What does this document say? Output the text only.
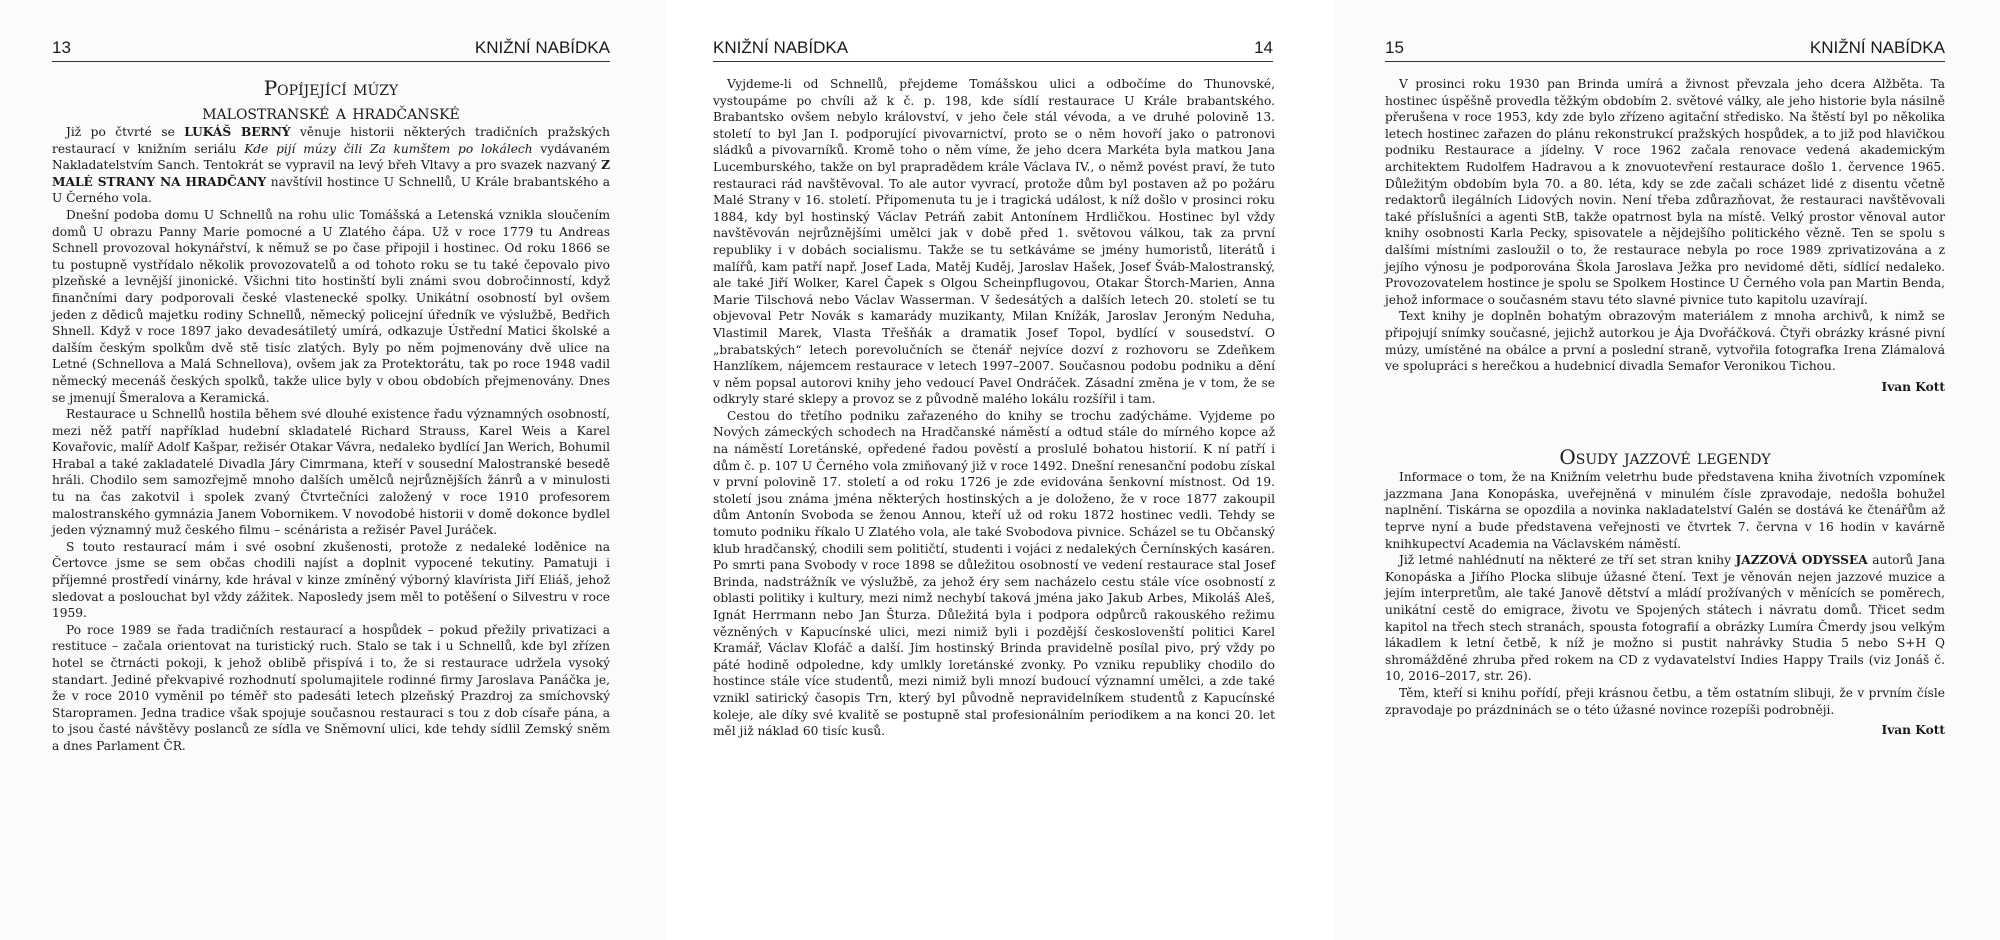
13	KNIŽNÍ NABÍDKA

Popíjející múzy

malostranské a hradčanské

Již po čtvrté se LUKÁŠ BERNÝ věnuje historii některých tradičních pražských restaurací v knižním seriálu Kde pijí múzy čili Za kumštem po lokálech vydávaném Nakladatelstvím Sanch. Tentokrát se vypravil na levý břeh Vltavy a pro svazek nazvaný Z MALÉ STRANY NA HRADČANY navštívil hostince U Schnellů, U Krále brabantského a U Černého vola.

Dnešní podoba domu U Schnellů na rohu ulic Tomášská a Letenská vznikla sloučením domů U obrazu Panny Marie pomocné a U Zlatého čápa. Už v roce 1779 tu Andreas Schnell provozoval hokynářství, k němuž se po čase připojil i hostinec. Od roku 1866 se tu postupně vystřídalo několik provozovatelů a od tohoto roku se tu také čepovalo pivo plzeňské a levnější jinonické. Všichni tito hostinští byli známi svou dobročinností, když finančními dary podporovali české vlastenecké spolky. Unikátní osobností byl ovšem jeden z dědiců majetku rodiny Schnellů, německý policejní úředník ve výslužbě, Bedřich Shnell. Když v roce 1897 jako devadesátiletý umírá, odkazuje Ústřední Matici školské a dalším českým spolkům dvě stě tisíc zlatých. Byly po něm pojmenovány dvě ulice na Letné (Schnellova a Malá Schnellova), ovšem jak za Protektorátu, tak po roce 1948 vadil německý mecenáš českých spolků, takže ulice byly v obou obdobích přejmenovány. Dnes se jmenují Šmeralova a Keramická.

Restaurace u Schnellů hostila během své dlouhé existence řadu významných osobností, mezi něž patří například hudební skladatelé Richard Strauss, Karel Weis a Karel Kovařovic, malíř Adolf Kašpar, režisér Otakar Vávra, nedaleko bydlící Jan Werich, Bohumil Hrabal a také zakladatelé Divadla Járy Cimrmana, kteří v sousední Malostranské besedě hráli. Chodilo sem samozřejmě mnoho dalších umělců nejrůznějších žánrů a v minulosti tu na čas zakotvil i spolek zvaný Čtvrtečníci založený v roce 1910 profesorem malostranského gymnázia Janem Vobornikem. V novodobé historii v domě dokonce bydlel jeden významný muž českého filmu – scénárista a režisér Pavel Juráček.

S touto restaurací mám i své osobní zkušenosti, protože z nedaleké loděnice na Čertovce jsme se sem občas chodili najíst a doplnit vypocené tekutiny. Pamatuji i příjemné prostředí vinárny, kde hrával v kinze zmíněný výborný klavírista Jiří Eliáš, jehož sledovat a poslouchat byl vždy zážitek. Naposledy jsem měl to potěšení o Silvestru v roce 1959.

Po roce 1989 se řada tradičních restaurací a hospůdek – pokud přežily privatizaci a restituce – začala orientovat na turistický ruch. Stalo se tak i u Schnellů, kde byl zřízen hotel se čtrnácti pokoji, k jehož oblibě přispívá i to, že si restaurace udržela vysoký standart. Jediné překvapivé rozhodnutí spolumajitele rodinné firmy Jaroslava Panáčka je, že v roce 2010 vyměnil po téměř sto padesáti letech plzeňský Prazdroj za smíchovský Staropramen. Jedna tradice však spojuje současnou restauraci s tou z dob císaře pána, a to jsou časté návštěvy poslanců ze sídla ve Sněmovní ulici, kde tehdy sídlil Zemský sněm a dnes Parlament ČR.

KNIŽNÍ NABÍDKA	14

Vyjdeme-li od Schnellů, přejdeme Tomášskou ulici a odbočíme do Thunovské, vystoupáme po chvíli až k č. p. 198, kde sídlí restaurace U Krále brabantského. Brabantsko ovšem nebylo království, v jeho čele stál vévoda, a ve druhé polovině 13. století to byl Jan I. podporující pivovarnictví, proto se o něm hovoří jako o patronovi sládků a pivovarníků. Kromě toho o něm víme, že jeho dcera Markéta byla matkou Jana Lucemburského, takže on byl prapradědem krále Václava IV., o němž povést praví, že tuto restauraci rád navštěvoval. To ale autor vyvrací, protože dům byl postaven až po požáru Malé Strany v 16. století. Připomenuta tu je i tragická událost, k níž došlo v prosinci roku 1884, kdy byl hostinský Václav Petráň zabit Antonínem Hrdličkou. Hostinec byl vždy navštěvován nejrůznějšími umělci jak v době před 1. světovou válkou, tak za první republiky i v dobách socialismu. Takže se tu setkáváme se jmény humoristů, literátů i malířů, kam patří např. Josef Lada, Matěj Kuděj, Jaroslav Hašek, Josef Šváb-Malostranský, ale také Jiří Wolker, Karel Čapek s Olgou Scheinpflugovou, Otakar Štorch-Marien, Anna Marie Tilschová nebo Václav Wasserman. V šedesátých a dalších letech 20. století se tu objevoval Petr Novák s kamarády muzikanty, Milan Knížák, Jaroslav Jeroným Neduha, Vlastimil Marek, Vlasta Třešňák a dramatik Josef Topol, bydlící v sousedství. O „brabatských“ letech porevolučních se čtenář nejvíce dozví z rozhovoru se Zdeňkem Hanzlíkem, nájemcem restaurace v letech 1997–2007. Současnou podobu podniku a dění v něm popsal autorovi knihy jeho vedoucí Pavel Ondráček. Zásadní změna je v tom, že se odkryly staré sklepy a provoz se z původně malého lokálu rozšířil i tam.

Cestou do třetího podniku zařazeného do knihy se trochu zadýcháme. Vyjdeme po Nových zámeckých schodech na Hradčanské náměstí a odtud stále do mírného kopce až na náměstí Loretánské, opředené řadou pověstí a proslulé bohatou historií. K ní patří i dům č. p. 107 U Černého vola zmiňovaný již v roce 1492. Dnešní renesanční podobu získal v první polovině 17. století a od roku 1726 je zde evidována šenkovní místnost. Od 19. století jsou známa jména některých hostinských a je doloženo, že v roce 1877 zakoupil dům Antonín Svoboda se ženou Annou, kteří už od roku 1872 hostinec vedli. Tehdy se tomuto podniku říkalo U Zlatého vola, ale také Svobodova pivnice. Scházel se tu Občanský klub hradčanský, chodili sem političtí, studenti i vojáci z nedalekých Černínských kasáren. Po smrti pana Svobody v roce 1898 se důležitou osobností ve vedení restaurace stal Josef Brinda, nadstrážník ve výslužbě, za jehož éry sem nacházelo cestu stále více osobností z oblasti politiky i kultury, mezi nimž nechybí taková jména jako Jakub Arbes, Mikoláš Aleš, Ignát Herrmann nebo Jan Šturza. Důležitá byla i podpora odpůrců rakouského režimu vězněných v Kapucínské ulici, mezi nimiž byli i pozdější českoslovenští politici Karel Kramář, Václav Klofáč a další. Jim hostinský Brinda pravidelně posílal pivo, prý vždy po páté hodině odpoledne, kdy umlkly loretánské zvonky. Po vzniku republiky chodilo do hostince stále více studentů, mezi nimiž byli mnozí budoucí významní umělci, a zde také vznikl satirický časopis Trn, který byl původně nepravidelníkem studentů z Kapucínské koleje, ale díky své kvalitě se postupně stal profesionálním periodikem a na konci 20. let měl již náklad 60 tisíc kusů.

15	KNIŽNÍ NABÍDKA

V prosinci roku 1930 pan Brinda umírá a živnost převzala jeho dcera Alžběta. Ta hostinec úspěšně provedla těžkým obdobím 2. světové války, ale jeho historie byla násilně přerušena v roce 1953, kdy zde bylo zřízeno agitační středisko. Na štěstí byl po několika letech hostinec zařazen do plánu rekonstrukcí pražských hospůdek, a to již pod hlavičkou podniku Restaurace a jídelny. V roce 1962 začala renovace vedená akademickým architektem Rudolfem Hadravou a k znovuotevření restaurace došlo 1. července 1965. Důležitým obdobím byla 70. a 80. léta, kdy se zde začali scházet lidé z disentu včetně redaktorů ilegálních Lidových novin. Není třeba zdůrazňovat, že restauraci navštěvovali také příslušníci a agenti StB, takže opatrnost byla na místě. Velký prostor věnoval autor knihy osobnosti Karla Pecky, spisovatele a nějdejšího politického vězně. Ten se spolu s dalšími místními zasloužil o to, že restaurace nebyla po roce 1989 zprivatizována a z jejího výnosu je podporována Škola Jaroslava Ježka pro nevidomé děti, sídlící nedaleko. Provozovatelem hostince je spolu se Spolkem Hostince U Černého vola pan Martin Benda, jehož informace o současném stavu této slavné pivnice tuto kapitolu uzavírají.

Text knihy je doplněn bohatým obrazovým materiálem z mnoha archivů, k nimž se připojují snímky současné, jejichž autorkou je Ája Dvořáčková. Čtyři obrázky krásné pivní múzy, umístěné na obálce a první a poslední straně, vytvořila fotografka Irena Zlámalová ve spolupráci s herečkou a hudebnicí divadla Semafor Veronikou Tichou.

Ivan Kott

Osudy jazzové legendy

Informace o tom, že na Knižním veletrhu bude představena kniha životních vzpomínek jazzmana Jana Konopáska, uveřejněná v minulém čísle zpravodaje, nedošla bohužel naplnění. Tiskárna se opozdila a novinka nakladatelství Galén se dostává ke čtenářům až teprve nyní a bude představena veřejnosti ve čtvrtek 7. června v 16 hodin v kavárně knihkupectví Academia na Václavském náměstí.

Již letmé nahlédnutí na některé ze tří set stran knihy JAZZOVÁ ODYSSEA autorů Jana Konopáska a Jiřího Plocka slibuje úžasné čtení. Text je věnován nejen jazzové muzice a jejím interpretům, ale také Janově dětství a mládí prožívaných v měnících se poměrech, unikátní cestě do emigrace, životu ve Spojených státech i návratu domů. Třicet sedm kapitol na třech stech stranách, spousta fotografií a obrázky Lumíra Čmerdy jsou velkým lákadlem k letní četbě, k níž je možno si pustit nahrávky Studia 5 nebo S+H Q shromážděné zhruba před rokem na CD z vydavatelství Indies Happy Trails (viz Jonáš č. 10, 2016–2017, str. 26).

Těm, kteří si knihu pořídí, přeji krásnou četbu, a těm ostatním slibuji, že v prvním čísle zpravodaje po prázdninách se o této úžasné novince rozepíši podrobněji.

Ivan Kott
